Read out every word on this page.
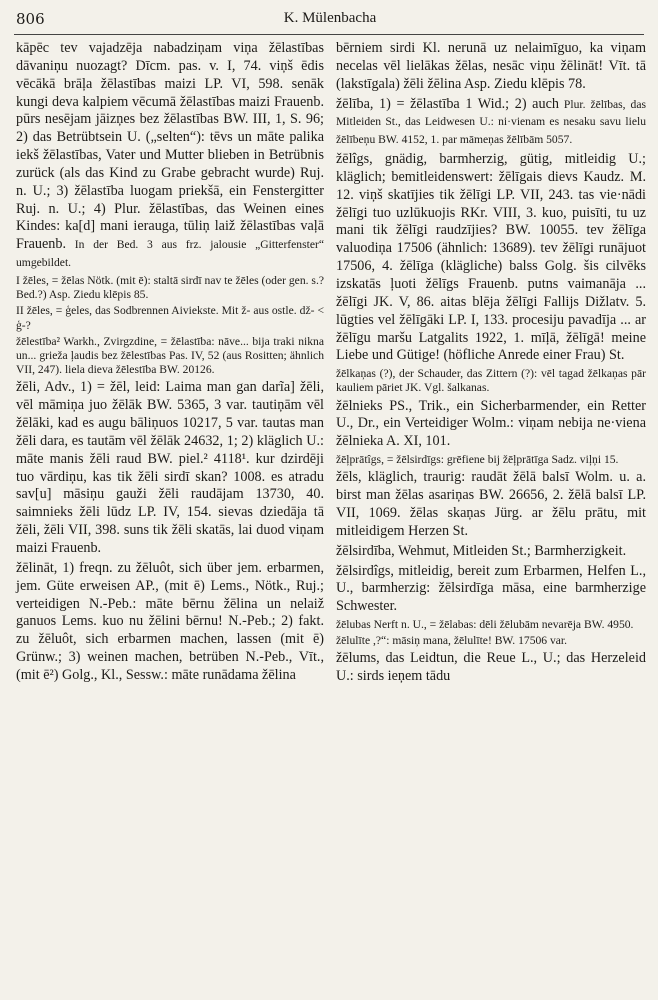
806	K. Mülenbacha

kāpēc tev vajadzēja nabadziņam viņa žēlastības dāvaniņu nuozagt? Dīcm. pas. v. I, 74. viņš ēdis vēcākā brāļa žēlastības maizi LP. VI, 598. senāk kungi deva kalpiem vēcumā žēlastības maizi Frauenb. pūrs nesējam jāizņes bez žēlastības BW. III, 1, S. 96; 2) das Betrübtsein U. („selten“): tēvs un māte palika iekš žēlastības, Vater und Mutter blieben in Betrübnis zurück (als das Kind zu Grabe gebracht wurde) Ruj. n. U.; 3) žēlastība luogam priekšā, ein Fenstergitter Ruj. n. U.; 4) Plur. žēlastības, das Weinen eines Kindes: ka[d] mani ierauga, tūliņ laiž žēlastības vaļā Frauenb. In der Bed. 3 aus frz. jalousie „Gitterfenster“ umgebildet.

I žēles, = žēlas Nötk. (mit ē): staltā sirdī nav te žēles (oder gen. s.? Bed.?) Asp. Ziedu klēpis 85.

II žēles, = ģeles, das Sodbrennen Aiviekste. Mit ž- aus ostle. dž- < ģ-?

žēlestība² Warkh., Zvirgzdine, = žēlastība: nāve... bija traki nikna un... grieža ļaudis bez žēlestības Pas. IV, 52 (aus Rositten; ähnlich VII, 247). liela dieva žēlestība BW. 20126.

žēli, Adv., 1) = žēl, leid: Laima man gan darĩa] žēli, vēl māmiņa juo žēlāk BW. 5365, 3 var. tautiņām vēl žēlāki, kad es augu bāliņuos 10217, 5 var. tautas man žēli dara, es tautām vēl žēlāk 24632, 1; 2) kläglich U.: māte manis žēli raud BW. piel.² 4118¹. kur dzirdēji tuo vārdiņu, kas tik žēli sirdī skan? 1008. es atradu sav[u] māsiņu gauži žēli raudājam 13730, 40. saimnieks žēli lūdz LP. IV, 154. sievas dziedāja tā žēli, žēli VII, 398. suns tik žēli skatās, lai duod viņam maizi Frauenb.

žēlināt, 1) freqn. zu žēluôt, sich über jem. erbarmen, jem. Güte erweisen AP., (mit ē) Lems., Nötk., Ruj.; verteidigen N.-Peb.: māte bērnu žēlina un nelaiž ganuos Lems. kuo nu žēlini bērnu! N.-Peb.; 2) fakt. zu žēluôt, sich erbarmen machen, lassen (mit ē) Grünw.; 3) weinen machen, betrüben N.-Peb., Vīt., (mit ē²) Golg., Kl., Sessw.: māte runādama žēlina

bērniem sirdi Kl. nerunā uz nelaimīguo, ka viņam necelas vēl lielākas žēlas, nesāc viņu žēlināt! Vīt. tā (lakstīgala) žēli žēlina Asp. Ziedu klēpis 78.

žēlība, 1) = žēlastība 1 Wid.; 2) auch Plur. žēlības, das Mitleiden St., das Leidwesen U.: ni·vienam es nesaku savu lielu žēlībeņu BW. 4152, 1. par māmeņas žēlībām 5057.

žēlîgs, gnädig, barmherzig, gütig, mitleidig U.; kläglich; bemitleidenswert: žēlīgais dievs Kaudz. M. 12. viņš skatījies tik žēlīgi LP. VII, 243. tas vie·nādi žēlīgi tuo uzlūkuojis RKr. VIII, 3. kuo, puisīti, tu uz mani tik žēlīgi raudzījies? BW. 10055. tev žēlīga valuodiņa 17506 (ähnlich: 13689). tev žēlīgi runājuot 17506, 4. žēlīga (klägliche) balss Golg. šis cilvēks izskatās ļuoti žēlīgs Frauenb. putns vaimanāja ... žēlīgi JK. V, 86. aitas blēja žēlīgi Fallijs Dižlatv. 5. lūgties vel žēlīgāki LP. I, 133. procesiju pavadīja ... ar žēlīgu maršu Latgalits 1922, 1. mīļā, žēlīgā! meine Liebe und Gütige! (höfliche Anrede einer Frau) St.

žēlkaņas (?), der Schauder, das Zittern (?): vēl tagad žēlkaņas pār kauliem pāriet JK. Vgl. šalkanas.

žēlnieks PS., Trik., ein Sicherbarmender, ein Retter U., Dr., ein Verteidiger Wolm.: viņam nebija ne·viena žēlnieka A. XI, 101.

žēļprātîgs, = žēlsirdīgs: grēfiene bij žēļprātīga Sadz. viļņi 15.

žēls, kläglich, traurig: raudāt žēlā balsī Wolm. u. a. birst man žēlas asariņas BW. 26656, 2. žēlā balsī LP. VII, 1069. žēlas skaņas Jürg. ar žēlu prātu, mit mitleidigem Herzen St.

žēlsirdība, Wehmut, Mitleiden St.; Barmherzigkeit.

žēlsirdîgs, mitleidig, bereit zum Erbarmen, Helfen L., U., barmherzig: žēlsirdīga māsa, eine barmherzige Schwester.

žēlubas Nerft n. U., = žēlabas: dēli žēlubām nevarēja BW. 4950.

žēlulīte ,?“: māsiņ mana, žēlulīte! BW. 17506 var.

žēlums, das Leidtun, die Reue L., U.; das Herzeleid U.: sirds ieņem tādu
